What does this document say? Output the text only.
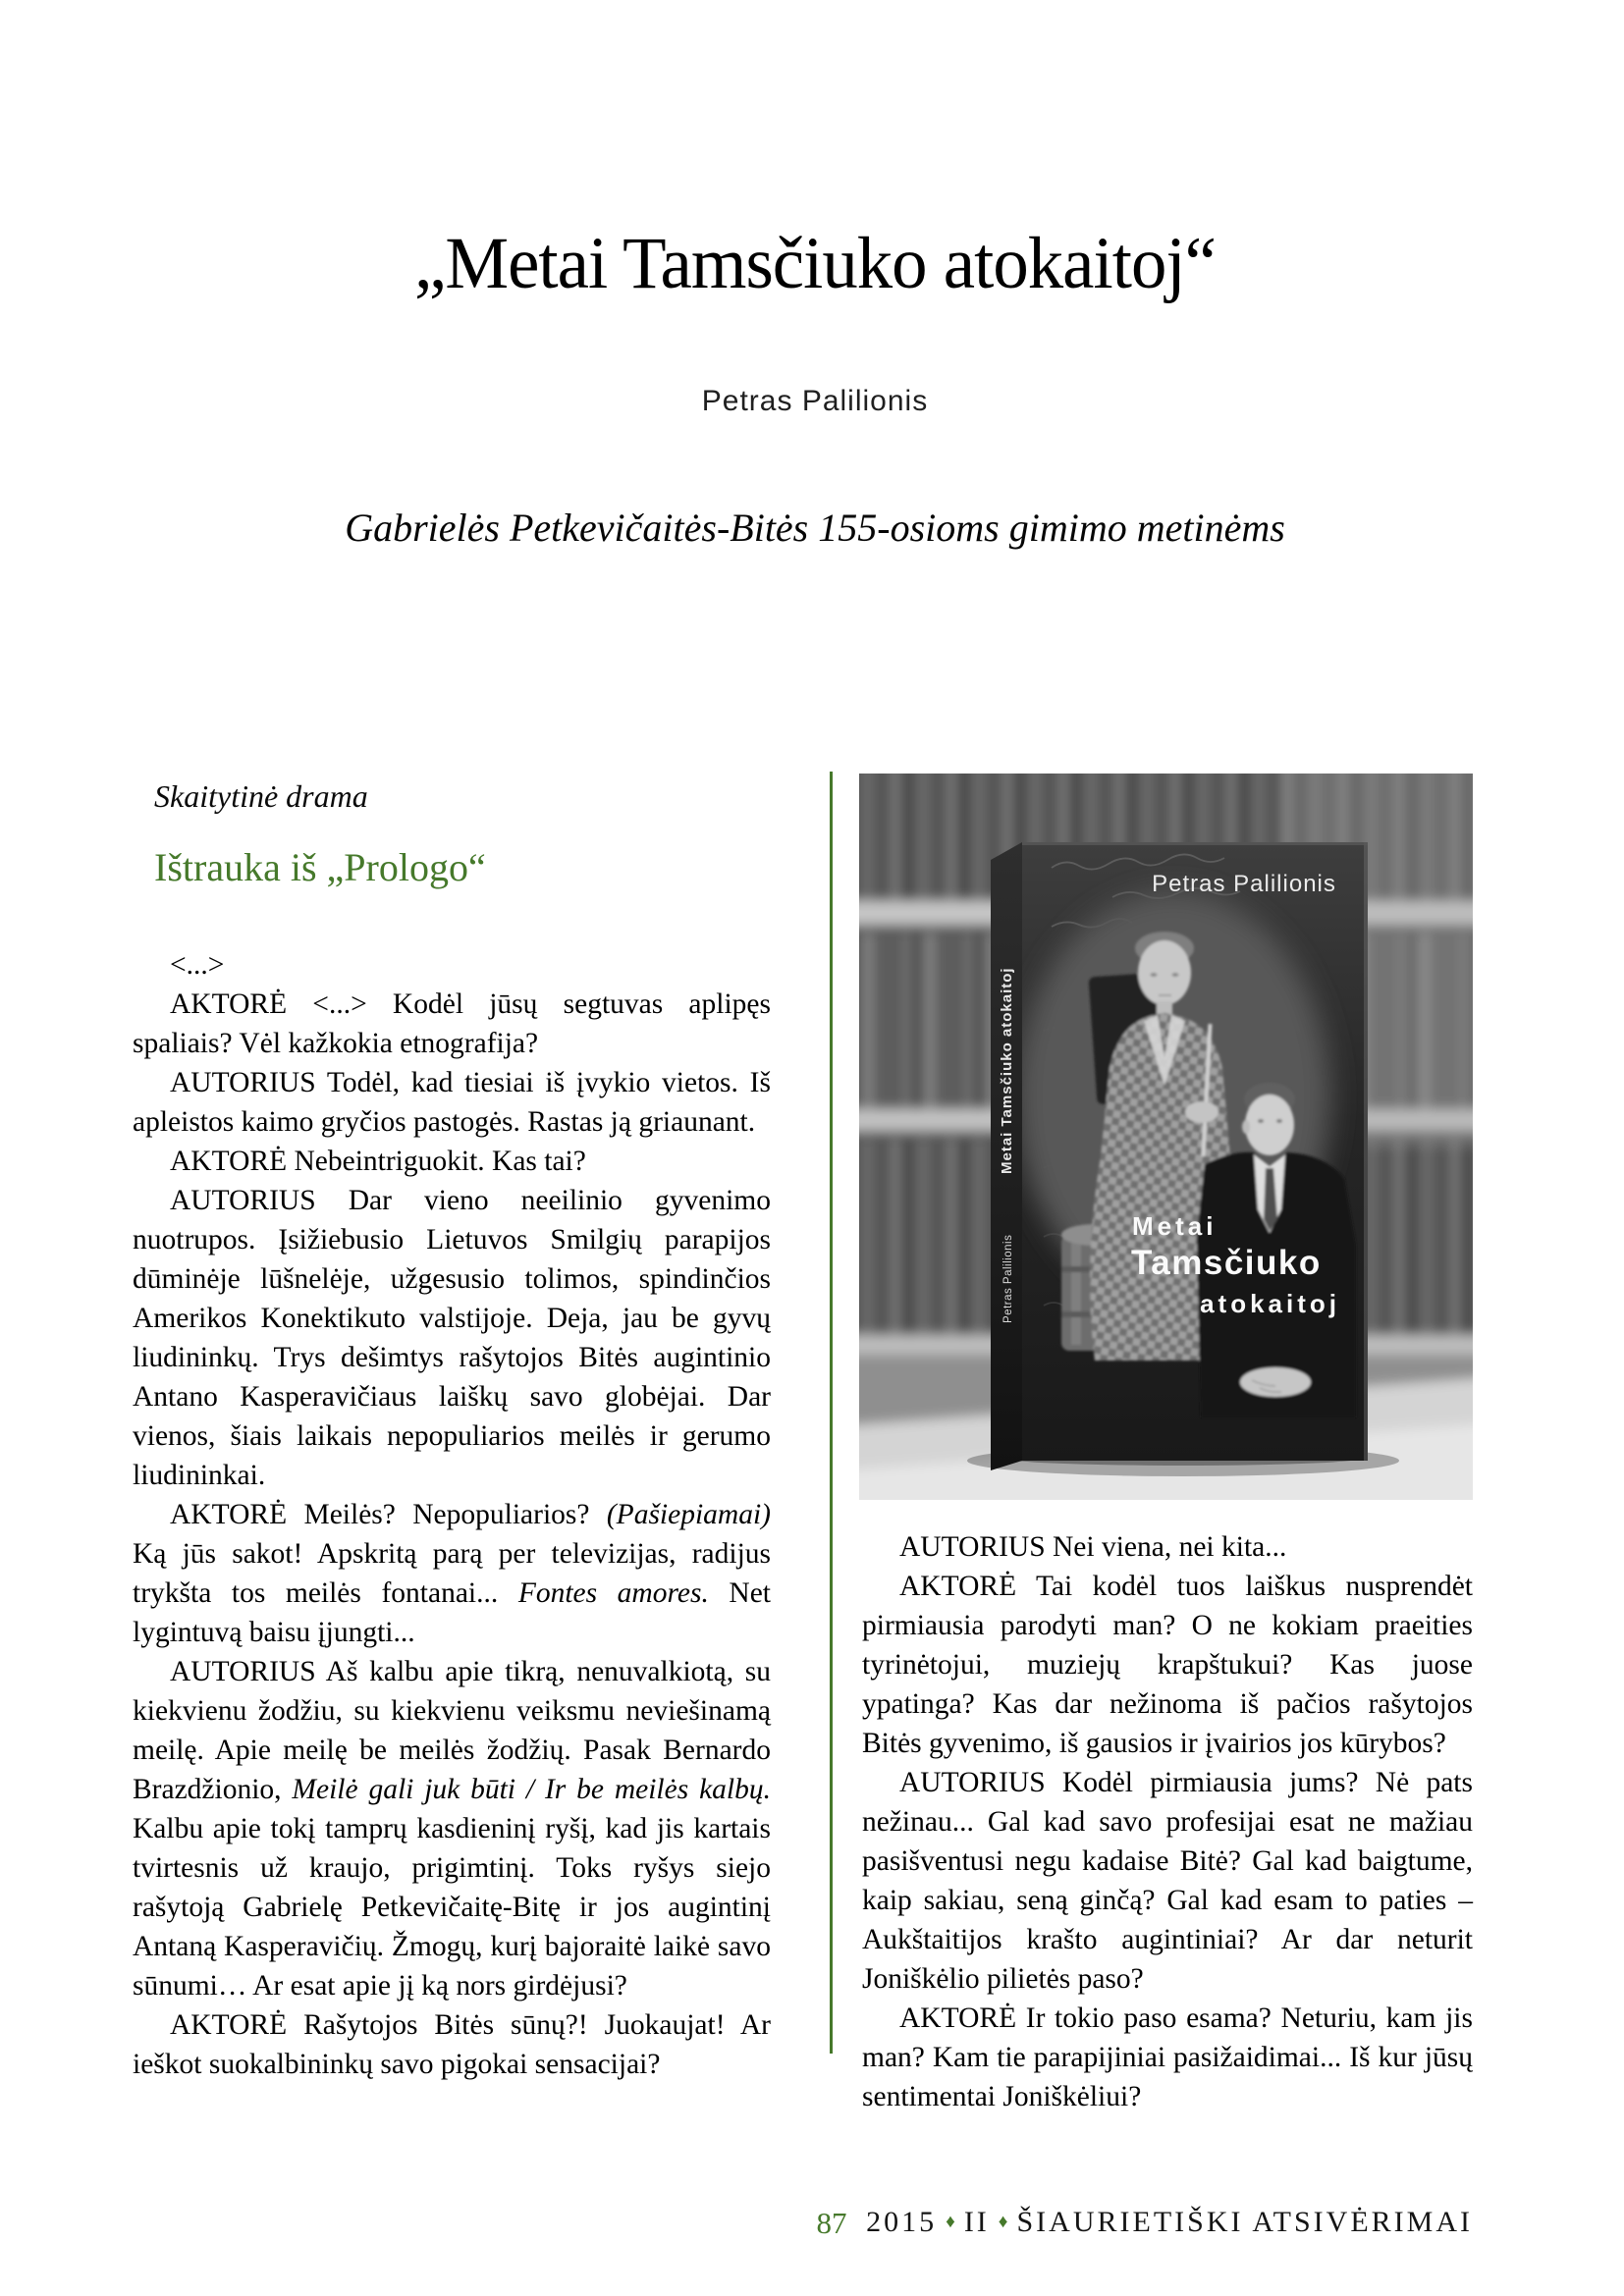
„Metai Tamsčiuko atokaitoj“
Petras Palilionis
Gabrielės Petkevičaitės-Bitės 155-osioms gimimo metinėms
Skaitytinė drama
Ištrauka iš „Prologo“

<...>

AKTORĖ <...> Kodėl jūsų segtuvas aplipęs spaliais? Vėl kažkokia etnografija?

AUTORIUS Todėl, kad tiesiai iš įvykio vietos. Iš apleistos kaimo gryčios pastogės. Rastas ją griaunant.

AKTORĖ Nebeintriguokit. Kas tai?

AUTORIUS Dar vieno neeilinio gyvenimo nuotrupos. Įsižiebusio Lietuvos Smilgių parapijos dūminėje lūšnelėje, užgesusio tolimos, spindinčios Amerikos Konektikuto valstijoje. Deja, jau be gyvų liudininkų. Trys dešimtys rašytojos Bitės augintinio Antano Kasperavičiaus laiškų savo globėjai. Dar vienos, šiais laikais nepopuliarios meilės ir gerumo liudininkai.

AKTORĖ Meilės? Nepopuliarios? (Pašiepiamai) Ką jūs sakot! Apskritą parą per televizijas, radijus trykšta tos meilės fontanai... Fontes amores. Net lygintuvą baisu įjungti...

AUTORIUS Aš kalbu apie tikrą, nenuvalkiotą, su kiekvienu žodžiu, su kiekvienu veiksmu neviešinamą meilę. Apie meilę be meilės žodžių. Pasak Bernardo Brazdžionio, Meilė gali juk būti / Ir be meilės kalbų. Kalbu apie tokį tamprų kasdieninį ryšį, kad jis kartais tvirtesnis už kraujo, prigimtinį. Toks ryšys siejo rašytoją Gabrielę Petkevičaitę-Bitę ir jos augintinį Antaną Kasperavičių. Žmogų, kurį bajoraitė laikė savo sūnumi… Ar esat apie jį ką nors girdėjusi?

AKTORĖ Rašytojos Bitės sūnų?! Juokaujat! Ar ieškot suokalbininkų savo pigokai sensacijai?

Petras Palilionis
Metai
Tamsčiuko
atokaitoj
Metai Tamsčiuko atokaitoj
Petras Palilionis

AUTORIUS Nei viena, nei kita...

AKTORĖ Tai kodėl tuos laiškus nusprendėt pirmiausia parodyti man? O ne kokiam praeities tyrinėtojui, muziejų krapštukui? Kas juose ypatinga? Kas dar nežinoma iš pačios rašytojos Bitės gyvenimo, iš gausios ir įvairios jos kūrybos?

AUTORIUS Kodėl pirmiausia jums? Nė pats nežinau... Gal kad savo profesijai esat ne mažiau pasišventusi negu kadaise Bitė? Gal kad baigtume, kaip sakiau, seną ginčą? Gal kad esam to paties – Aukštaitijos krašto augintiniai? Ar dar neturit Joniškėlio pilietės paso?

AKTORĖ Ir tokio paso esama? Neturiu, kam jis man? Kam tie parapijiniai pasižaidimai... Iš kur jūsų sentimentai Joniškėliui?

87 2015 ♦ II ♦ ŠIAURIETIŠKI ATSIVĖRIMAI
